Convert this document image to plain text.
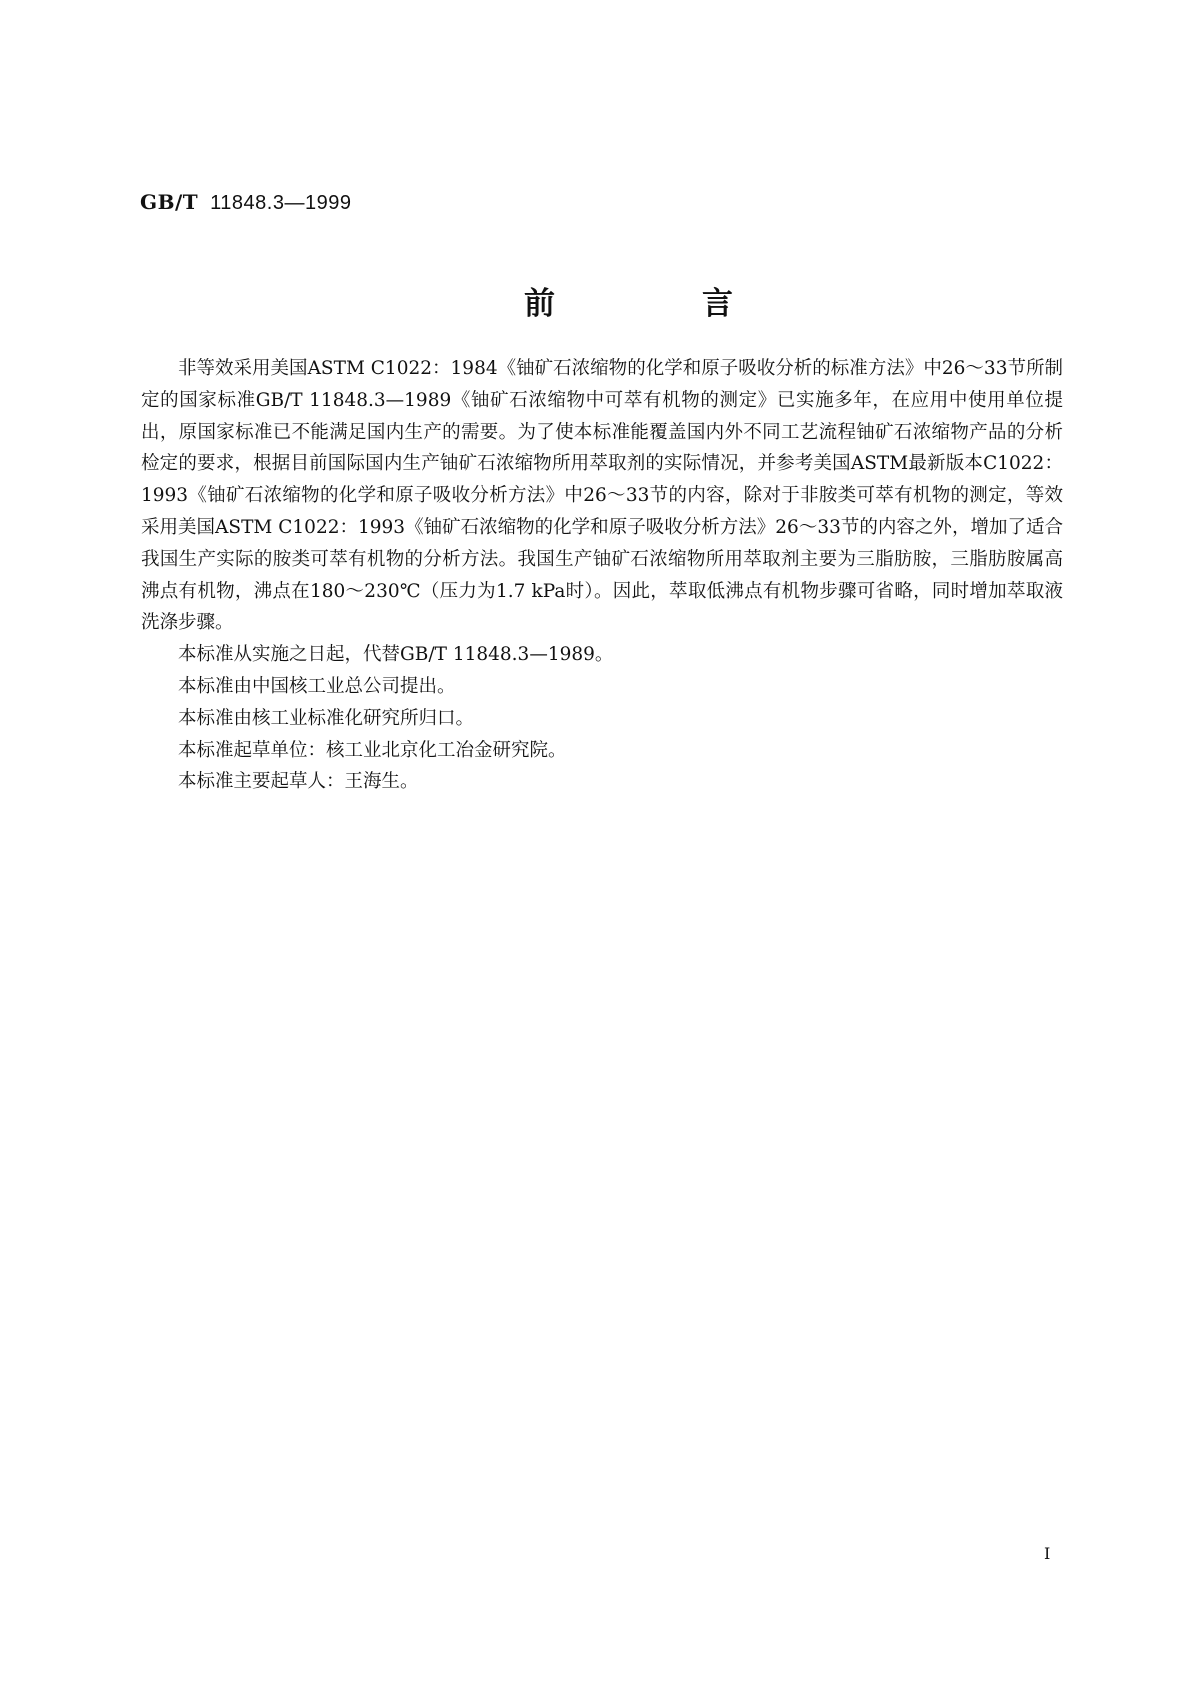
GB/T 11848.3—1999
前　言

非等效采用美国ASTM C1022：1984《铀矿石浓缩物的化学和原子吸收分析的标准方法》中26～33节所制定的国家标准GB/T 11848.3—1989《铀矿石浓缩物中可萃有机物的测定》已实施多年，在应用中使用单位提出，原国家标准已不能满足国内生产的需要。为了使本标准能覆盖国内外不同工艺流程铀矿石浓缩物产品的分析检定的要求，根据目前国际国内生产铀矿石浓缩物所用萃取剂的实际情况，并参考美国ASTM最新版本C1022：1993《铀矿石浓缩物的化学和原子吸收分析方法》中26～33节的内容，除对于非胺类可萃有机物的测定，等效采用美国ASTM C1022：1993《铀矿石浓缩物的化学和原子吸收分析方法》26～33节的内容之外，增加了适合我国生产实际的胺类可萃有机物的分析方法。我国生产铀矿石浓缩物所用萃取剂主要为三脂肪胺，三脂肪胺属高沸点有机物，沸点在180～230℃（压力为1.7 kPa时）。因此，萃取低沸点有机物步骤可省略，同时增加萃取液洗涤步骤。

本标准从实施之日起，代替GB/T 11848.3—1989。

本标准由中国核工业总公司提出。

本标准由核工业标准化研究所归口。

本标准起草单位：核工业北京化工冶金研究院。

本标准主要起草人：王海生。

I
